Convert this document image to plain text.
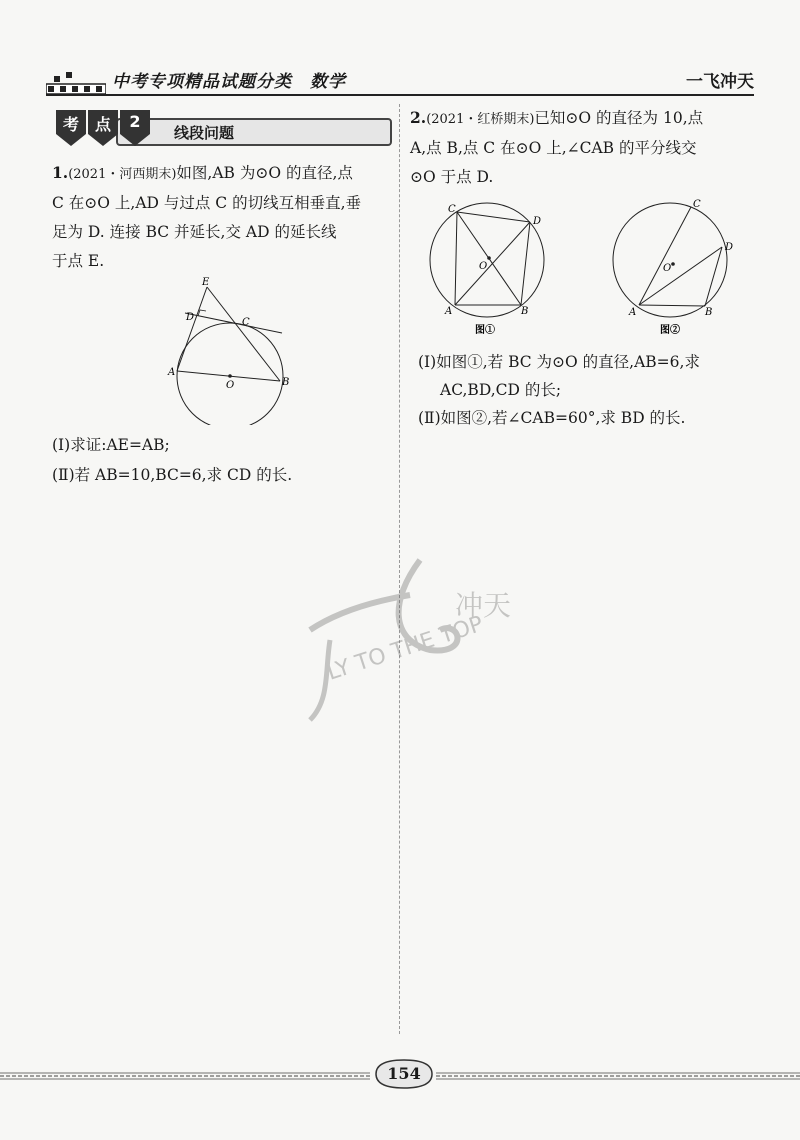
中考专项精品试题分类　数学	一飞冲天
考 点	2
线段问题
1.(2021・河西期末)如图,AB 为⊙O 的直径,点
C 在⊙O 上,AD 与过点 C 的切线互相垂直,垂
足为 D. 连接 BC 并延长,交 AD 的延长线
于点 E.
E
D	C
A
B
O
(Ⅰ)求证:AE=AB;
(Ⅱ)若 AB=10,BC=6,求 CD 的长.
2.(2021・红桥期末)已知⊙O 的直径为 10,点
A,点 B,点 C 在⊙O 上,∠CAB 的平分线交
⊙O 于点 D.
C
D
O
A	B
图①
C
D
O
A	B
图②
(Ⅰ)如图①,若 BC 为⊙O 的直径,AB=6,求
AC,BD,CD 的长;
(Ⅱ)如图②,若∠CAB=60°,求 BD 的长.
冲天
LY TO THE TOP
154
